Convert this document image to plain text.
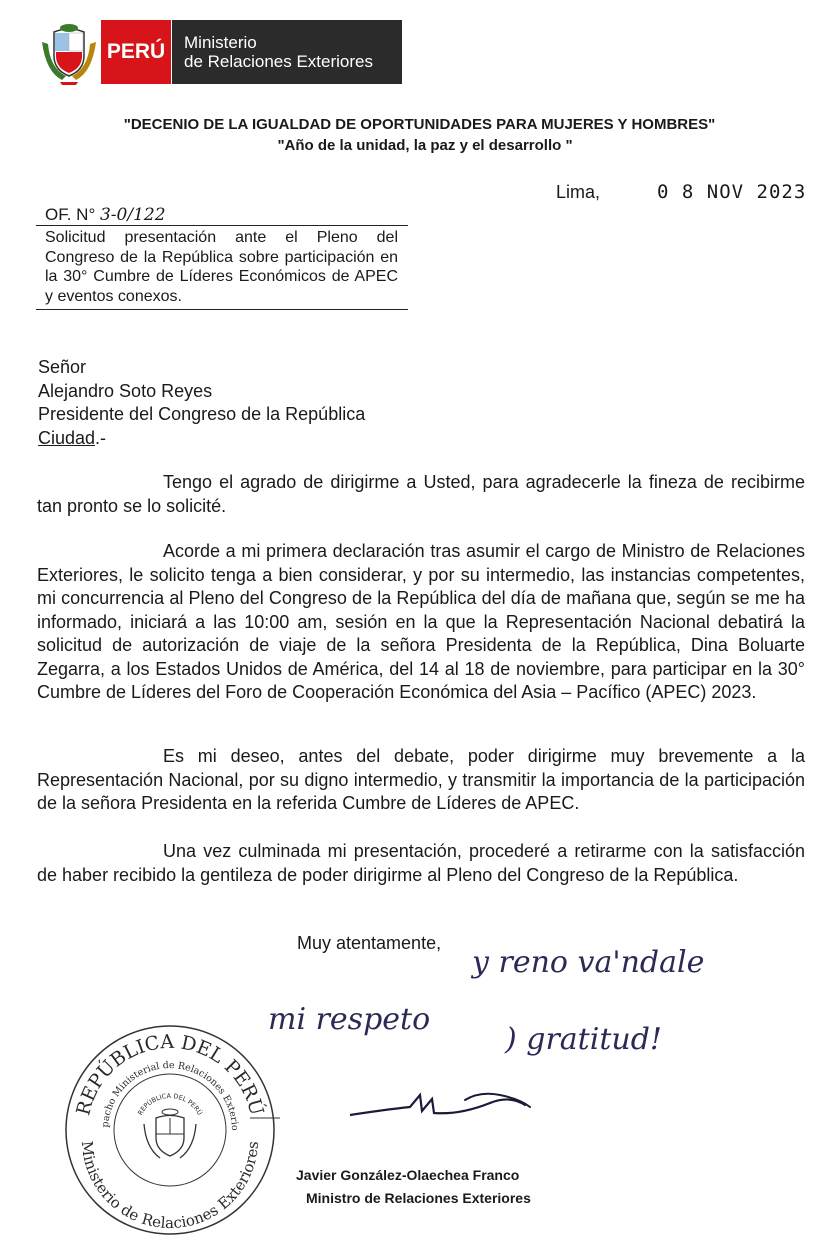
PERÚ Ministerio
de Relaciones Exteriores
"DECENIO DE LA IGUALDAD DE OPORTUNIDADES PARA MUJERES Y HOMBRES"
"Año de la unidad, la paz y el desarrollo "
Lima,	0 8 NOV 2023
OF. N° 3-0/122
Solicitud presentación ante el Pleno del Congreso de la República sobre participación en la 30° Cumbre de Líderes Económicos de APEC y eventos conexos.
Señor
Alejandro Soto Reyes
Presidente del Congreso de la República
Ciudad.-
Tengo el agrado de dirigirme a Usted, para agradecerle la fineza de recibirme tan pronto se lo solicité.
Acorde a mi primera declaración tras asumir el cargo de Ministro de Relaciones Exteriores, le solicito tenga a bien considerar, y por su intermedio, las instancias competentes, mi concurrencia al Pleno del Congreso de la República del día de mañana que, según se me ha informado, iniciará a las 10:00 am, sesión en la que la Representación Nacional debatirá la solicitud de autorización de viaje de la señora Presidenta de la República, Dina Boluarte Zegarra, a los Estados Unidos de América, del 14 al 18 de noviembre, para participar en la 30° Cumbre de Líderes del Foro de Cooperación Económica del Asia – Pacífico (APEC) 2023.
Es mi deseo, antes del debate, poder dirigirme muy brevemente a la Representación Nacional, por su digno intermedio, y transmitir la importancia de la participación de la señora Presidenta en la referida Cumbre de Líderes de APEC.
Una vez culminada mi presentación, procederé a retirarme con la satisfacción de haber recibido la gentileza de poder dirigirme al Pleno del Congreso de la República.
Muy atentamente,
y reno va'ndale
mi respeto
) gratitud!
REPÚBLICA DEL PERÚ
pacho Ministerial de Relaciones Exterio
Ministerio de Relaciones Exteriores
REPÚBLICA DEL PERÚ
Javier González-Olaechea Franco
Ministro de Relaciones Exteriores
